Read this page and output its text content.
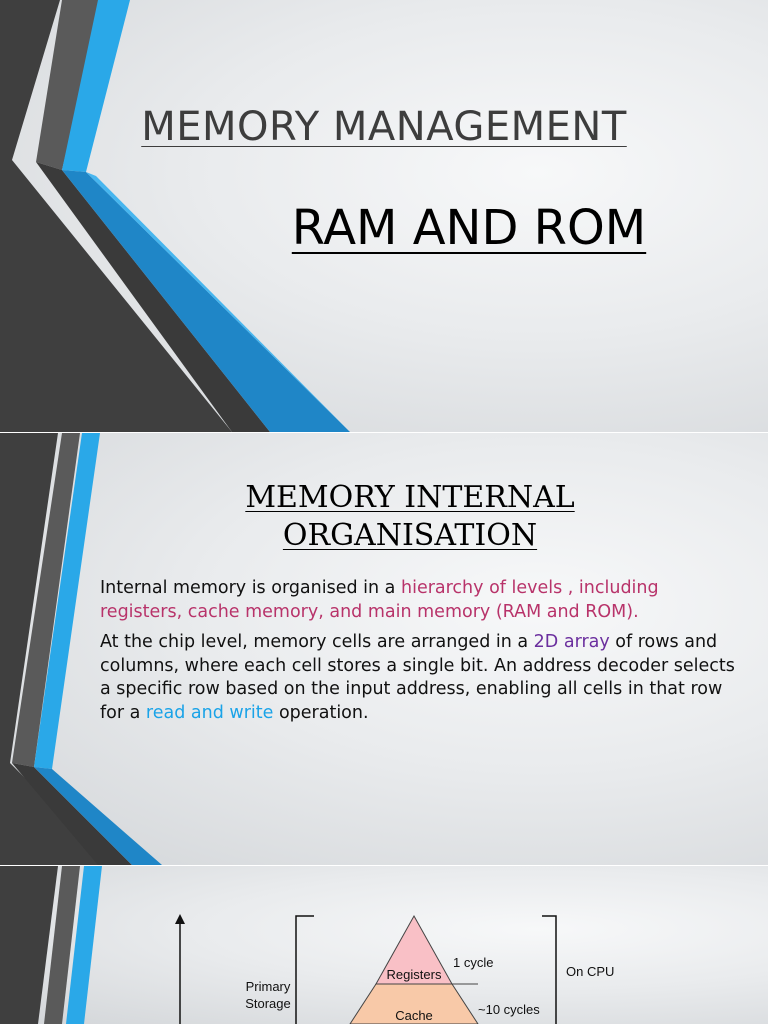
MEMORY MANAGEMENT
RAM AND ROM
MEMORY INTERNAL
ORGANISATION
Internal memory is organised in a hierarchy of levels , including registers, cache memory, and main memory (RAM and ROM).
At the chip level, memory cells are arranged in a 2D array of rows and columns, where each cell stores a single bit. An address decoder selects a specific row based on the input address, enabling all cells in that row for a read and write operation.
Primary
Storage
Registers
Cache
1 cycle
~10 cycles
On CPU
